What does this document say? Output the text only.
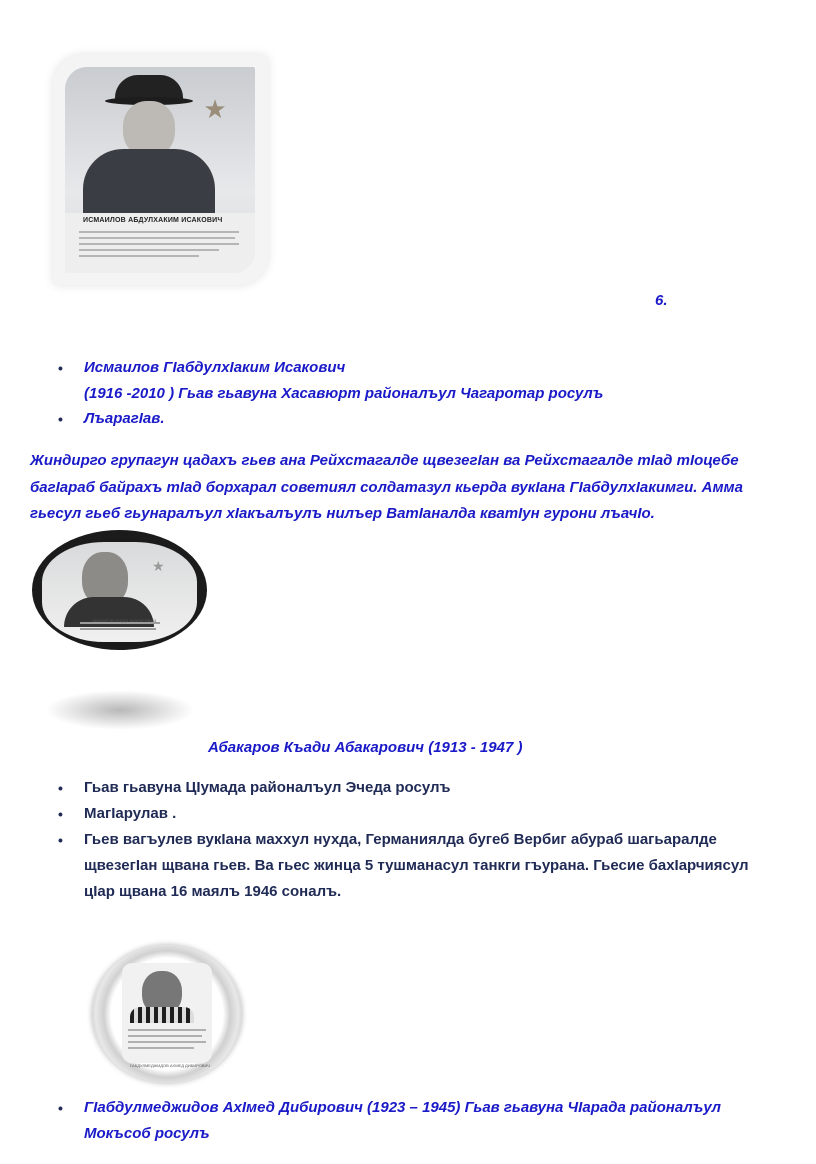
★
ИСМАИЛОВ АБДУЛХАКИМ ИСАКОВИЧ
6.
• Исмаилов ГIабдулхIаким Исакович
(1916 -2010 ) Гьав гьавуна Хасавюрт районалъул Чагаротар росулъ
• ЛъарагIав.
Жиндирго групагун цадахъ гьев ана Рейхстагалде щвезегIан ва Рейхстагалде тIад тIоцебе
багIараб байрахъ тIад борхарал советиял солдатазул кьерда вукIана ГIабдулхIакимги. Амма
гьесул гьеб гьунаралъул хIакъалъулъ нилъер ВатIаналда кватIун гурони лъачIо.
★
АБАКАРОВ КЪАДИ АБАКАРОВИЧ
Абакаров Къади Абакарович (1913 - 1947 )
• Гьав гьавуна ЦIумада районалъул Эчеда росулъ
• МагIарулав .
• Гьев вагъулев вукIана маххул нухда, Германиялда бугеб Вербиг абураб шагьаралде
щвезегIан щвана гьев. Ва гьес жинца 5 тушманасул танкги гъурана. Гьесие бахIарчиясул
цIар щвана 16 маялъ 1946 соналъ.
ГАБДУЛМЕДЖИДОВ АХМЕД ДИБИРОВИЧ
• ГIабдулмеджидов АхIмед Дибирович (1923 – 1945) Гьав гьавуна ЧIарада районалъул
Мокъсоб росулъ
